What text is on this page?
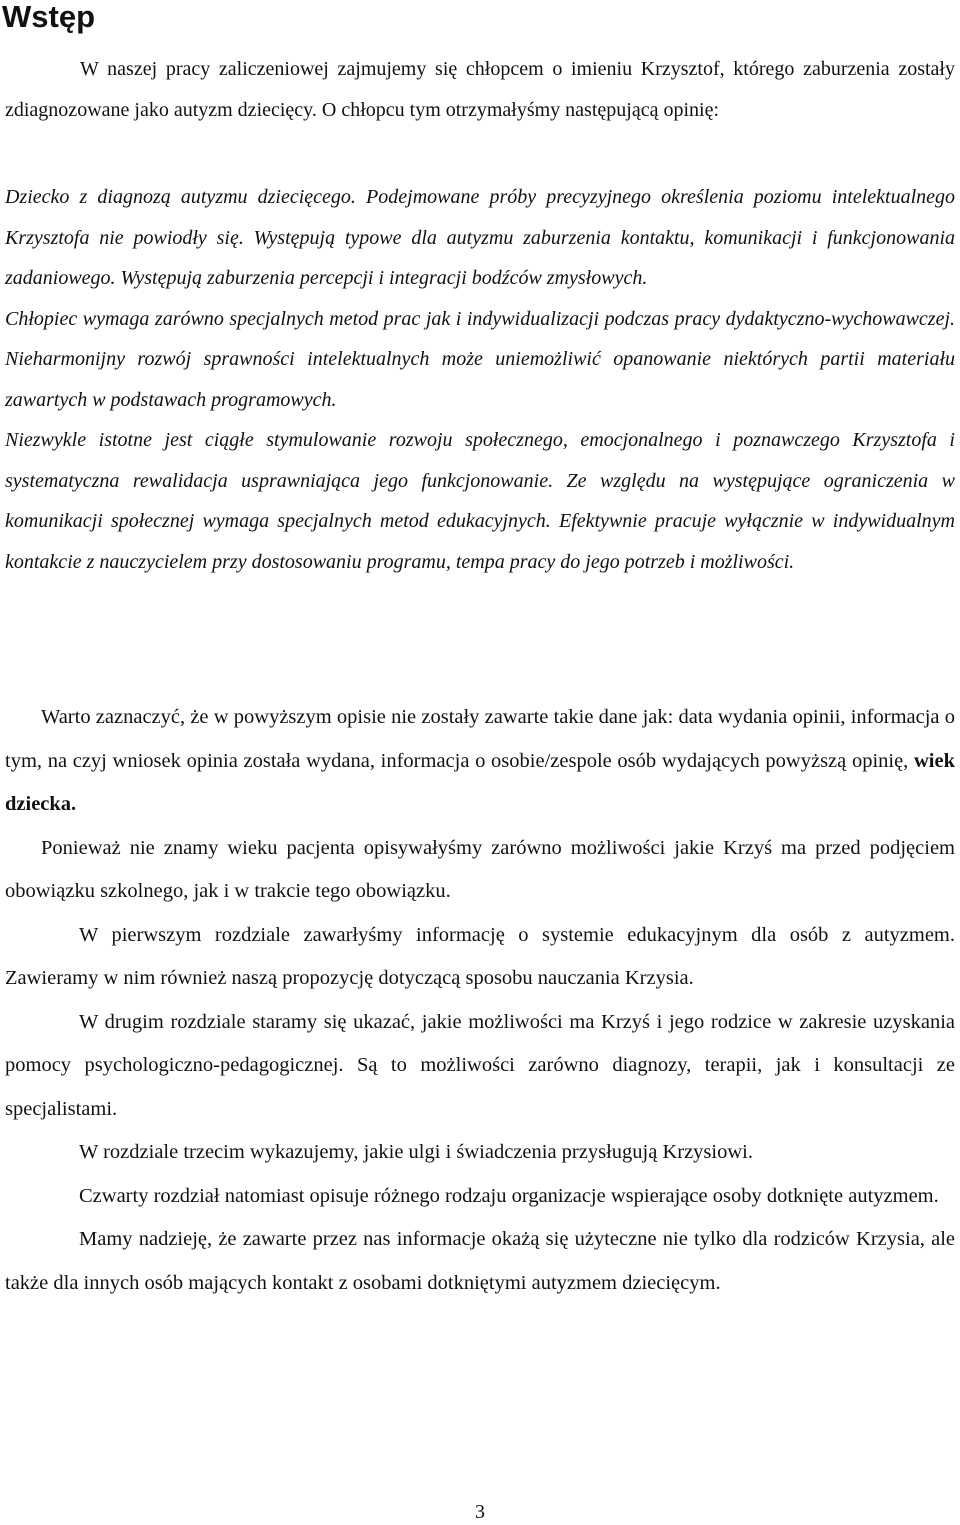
Wstęp

W naszej pracy zaliczeniowej zajmujemy się chłopcem o imieniu Krzysztof, którego zaburzenia zostały zdiagnozowane jako autyzm dziecięcy. O chłopcu tym otrzymałyśmy następującą opinię:

Dziecko z diagnozą autyzmu dziecięcego. Podejmowane próby precyzyjnego określenia poziomu intelektualnego Krzysztofa nie powiodły się. Występują typowe dla autyzmu zaburzenia kontaktu, komunikacji i funkcjonowania zadaniowego. Występują zaburzenia percepcji i integracji bodźców zmysłowych.

Chłopiec wymaga zarówno specjalnych metod prac jak i indywidualizacji podczas pracy dydaktyczno-wychowawczej. Nieharmonijny rozwój sprawności intelektualnych może uniemożliwić opanowanie niektórych partii materiału zawartych w podstawach programowych.

Niezwykle istotne jest ciągłe stymulowanie rozwoju społecznego, emocjonalnego i poznawczego Krzysztofa i systematyczna rewalidacja usprawniająca jego funkcjonowanie. Ze względu na występujące ograniczenia w komunikacji społecznej wymaga specjalnych metod edukacyjnych. Efektywnie pracuje wyłącznie w indywidualnym kontakcie z nauczycielem przy dostosowaniu programu, tempa pracy do jego potrzeb i możliwości.

Warto zaznaczyć, że w powyższym opisie nie zostały zawarte takie dane jak: data wydania opinii, informacja o tym, na czyj wniosek opinia została wydana, informacja o osobie/zespole osób wydających powyższą opinię, wiek dziecka.

Ponieważ nie znamy wieku pacjenta opisywałyśmy zarówno możliwości jakie Krzyś ma przed podjęciem obowiązku szkolnego, jak i w trakcie tego obowiązku.

W pierwszym rozdziale zawarłyśmy informację o systemie edukacyjnym dla osób z autyzmem. Zawieramy w nim również naszą propozycję dotyczącą sposobu nauczania Krzysia.

W drugim rozdziale staramy się ukazać, jakie możliwości ma Krzyś i jego rodzice w zakresie uzyskania pomocy psychologiczno-pedagogicznej. Są to możliwości zarówno diagnozy, terapii, jak i konsultacji ze specjalistami.

W rozdziale trzecim wykazujemy, jakie ulgi i świadczenia przysługują Krzysiowi.

Czwarty rozdział natomiast opisuje różnego rodzaju organizacje wspierające osoby dotknięte autyzmem.

Mamy nadzieję, że zawarte przez nas informacje okażą się użyteczne nie tylko dla rodziców Krzysia, ale także dla innych osób mających kontakt z osobami dotkniętymi autyzmem dziecięcym.

3
